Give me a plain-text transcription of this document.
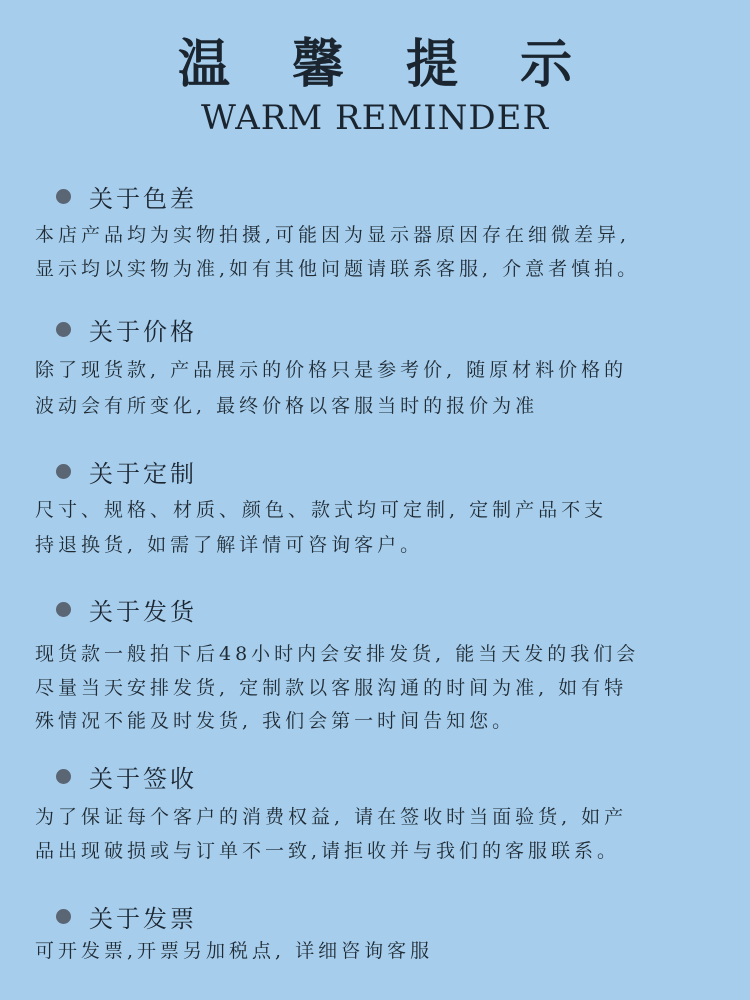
温 馨 提 示
WARM REMINDER
关于色差
本店产品均为实物拍摄,可能因为显示器原因存在细微差异,
显示均以实物为准,如有其他问题请联系客服, 介意者慎拍。
关于价格
除了现货款, 产品展示的价格只是参考价, 随原材料价格的
波动会有所变化, 最终价格以客服当时的报价为准
关于定制
尺寸、规格、材质、颜色、款式均可定制, 定制产品不支
持退换货, 如需了解详情可咨询客户。
关于发货
现货款一般拍下后48小时内会安排发货, 能当天发的我们会
尽量当天安排发货, 定制款以客服沟通的时间为准, 如有特
殊情况不能及时发货, 我们会第一时间告知您。
关于签收
为了保证每个客户的消费权益, 请在签收时当面验货, 如产
品出现破损或与订单不一致,请拒收并与我们的客服联系。
关于发票
可开发票,开票另加税点, 详细咨询客服
